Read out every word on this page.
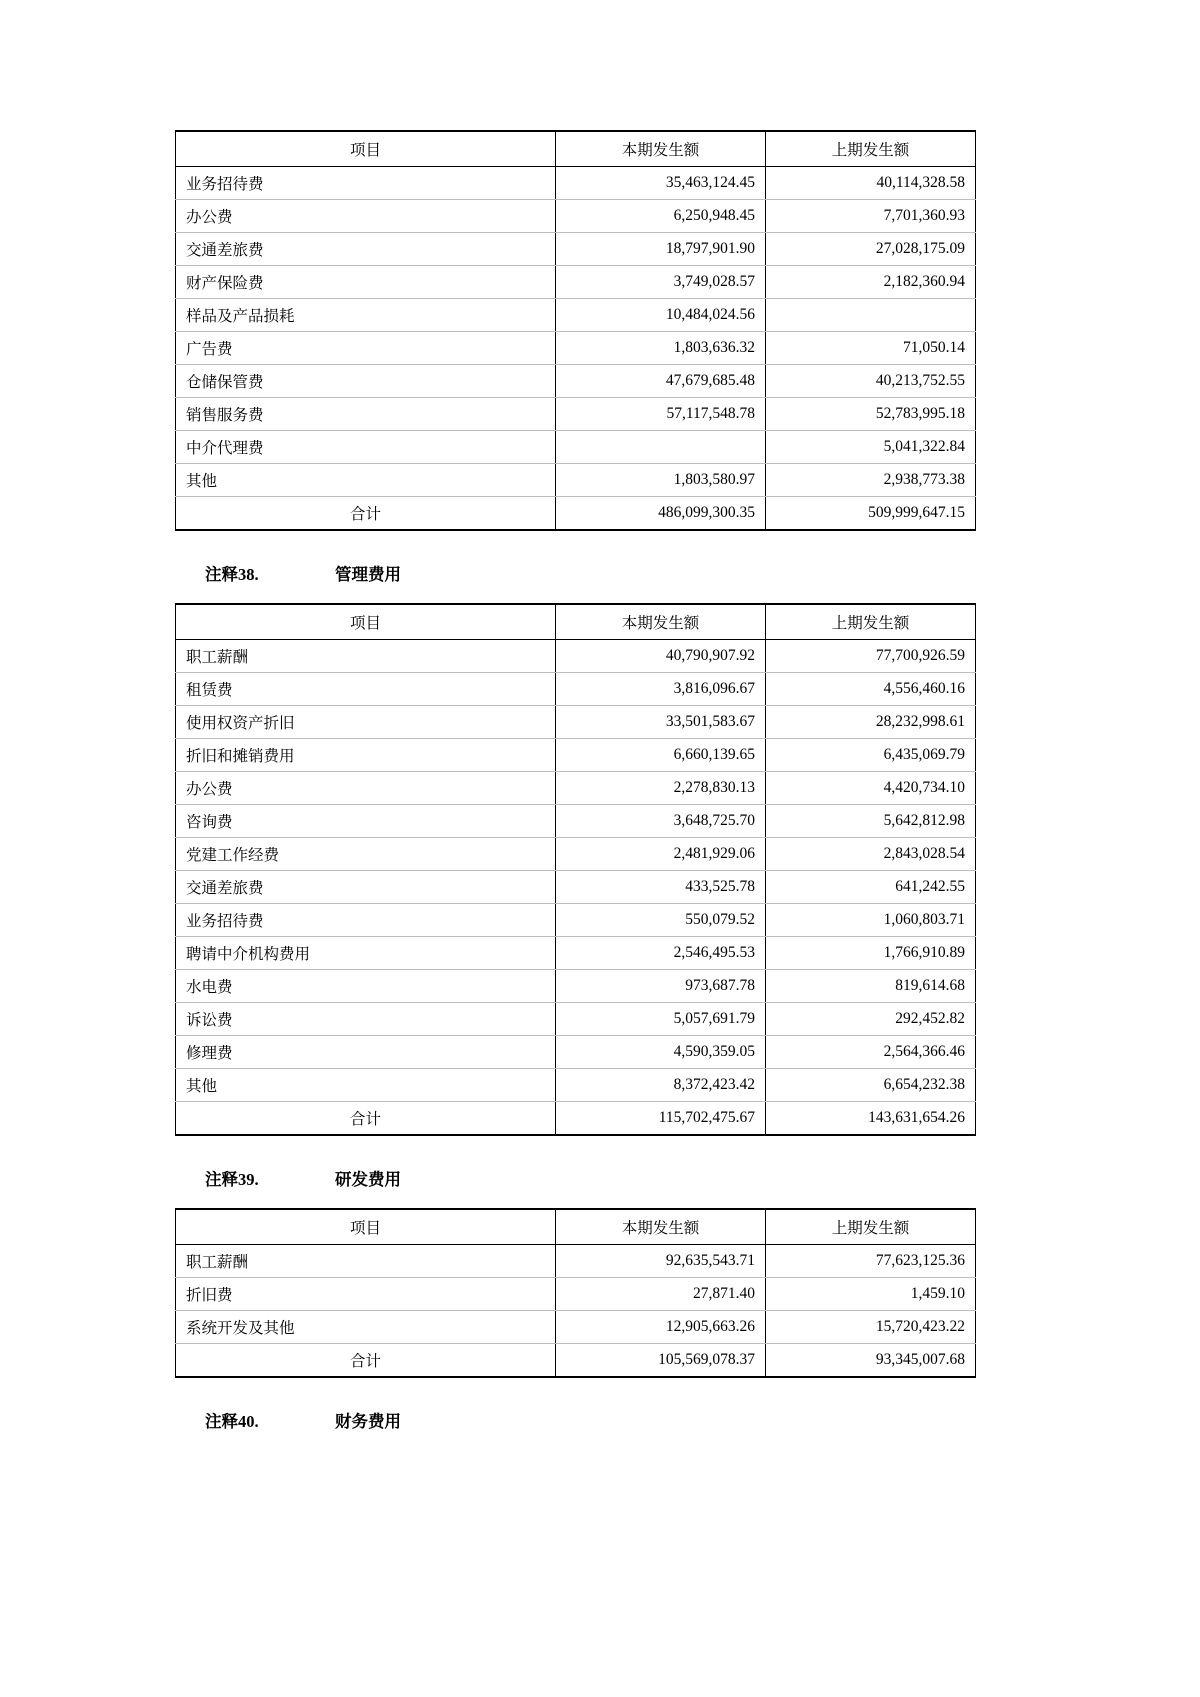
项目	本期发生额	上期发生额
业务招待费	35,463,124.45	40,114,328.58
办公费	6,250,948.45	7,701,360.93
交通差旅费	18,797,901.90	27,028,175.09
财产保险费	3,749,028.57	2,182,360.94
样品及产品损耗	10,484,024.56	
广告费	1,803,636.32	71,050.14
仓储保管费	47,679,685.48	40,213,752.55
销售服务费	57,117,548.78	52,783,995.18
中介代理费		5,041,322.84
其他	1,803,580.97	2,938,773.38
合计	486,099,300.35	509,999,647.15
注释38.	管理费用
项目	本期发生额	上期发生额
职工薪酬	40,790,907.92	77,700,926.59
租赁费	3,816,096.67	4,556,460.16
使用权资产折旧	33,501,583.67	28,232,998.61
折旧和摊销费用	6,660,139.65	6,435,069.79
办公费	2,278,830.13	4,420,734.10
咨询费	3,648,725.70	5,642,812.98
党建工作经费	2,481,929.06	2,843,028.54
交通差旅费	433,525.78	641,242.55
业务招待费	550,079.52	1,060,803.71
聘请中介机构费用	2,546,495.53	1,766,910.89
水电费	973,687.78	819,614.68
诉讼费	5,057,691.79	292,452.82
修理费	4,590,359.05	2,564,366.46
其他	8,372,423.42	6,654,232.38
合计	115,702,475.67	143,631,654.26
注释39.	研发费用
项目	本期发生额	上期发生额
职工薪酬	92,635,543.71	77,623,125.36
折旧费	27,871.40	1,459.10
系统开发及其他	12,905,663.26	15,720,423.22
合计	105,569,078.37	93,345,007.68
注释40.	财务费用
